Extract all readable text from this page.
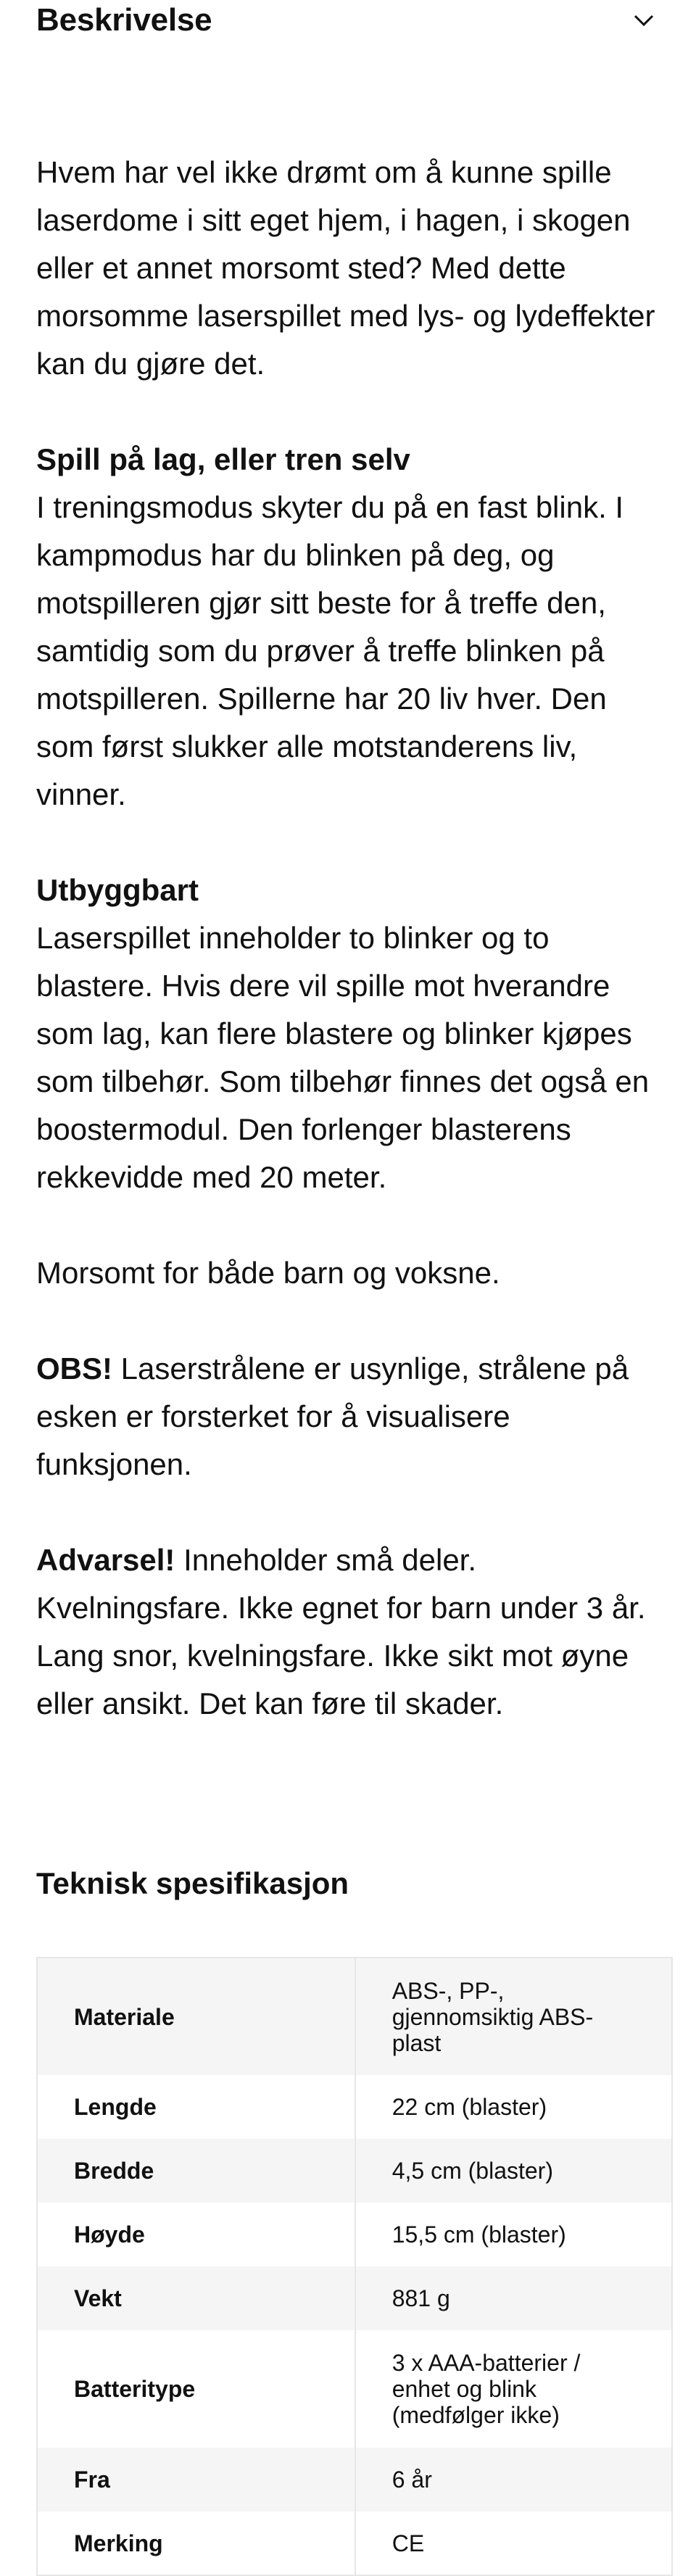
Beskrivelse

Hvem har vel ikke drømt om å kunne spille laserdome i sitt eget hjem, i hagen, i skogen eller et annet morsomt sted? Med dette morsomme laserspillet med lys- og lydeffekter kan du gjøre det.

Spill på lag, eller tren selv
I treningsmodus skyter du på en fast blink. I kampmodus har du blinken på deg, og motspilleren gjør sitt beste for å treffe den, samtidig som du prøver å treffe blinken på motspilleren. Spillerne har 20 liv hver. Den som først slukker alle motstanderens liv, vinner.

Utbyggbart
Laserspillet inneholder to blinker og to blastere. Hvis dere vil spille mot hverandre som lag, kan flere blastere og blinker kjøpes som tilbehør. Som tilbehør finnes det også en boostermodul. Den forlenger blasterens rekkevidde med 20 meter.

Morsomt for både barn og voksne.

OBS! Laserstrålene er usynlige, strålene på esken er forsterket for å visualisere funksjonen.

Advarsel! Inneholder små deler. Kvelningsfare. Ikke egnet for barn under 3 år. Lang snor, kvelningsfare. Ikke sikt mot øyne eller ansikt. Det kan føre til skader.

Teknisk spesifikasjon
Materiale	ABS-, PP-, gjennomsiktig ABS-plast
Lengde	22 cm (blaster)
Bredde	4,5 cm (blaster)
Høyde	15,5 cm (blaster)
Vekt	881 g
Batteritype	3 x AAA-batterier / enhet og blink (medfølger ikke)
Fra	6 år
Merking	CE
